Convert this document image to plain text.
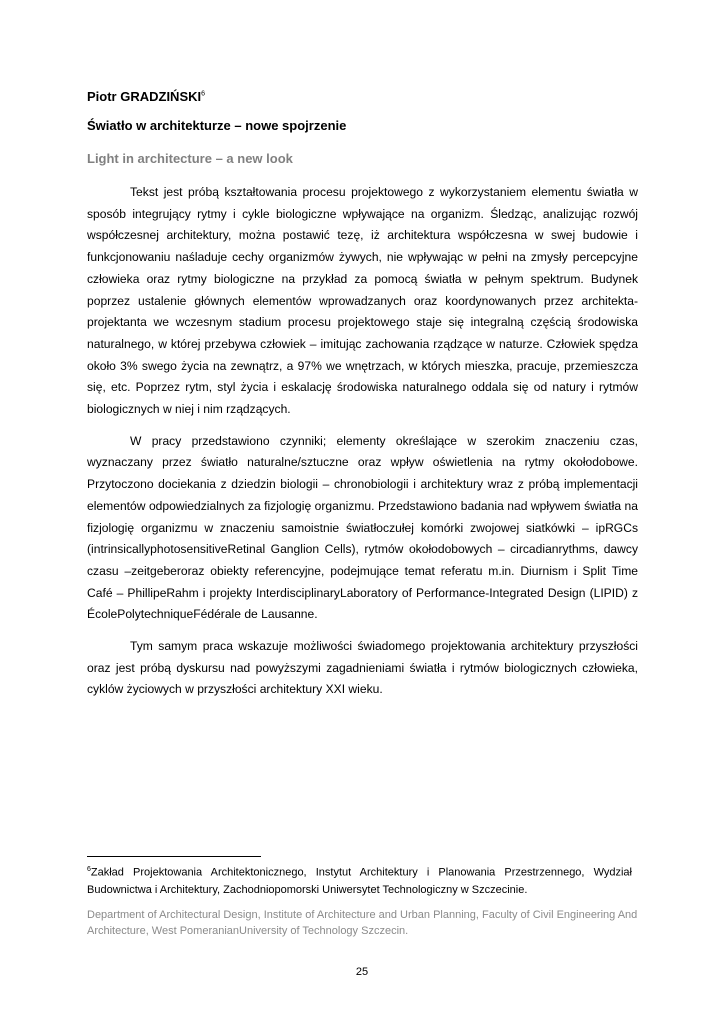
Piotr GRADZIŃSKI$^6$
Światło w architekturze – nowe spojrzenie
Light in architecture – a new look

Tekst jest próbą kształtowania procesu projektowego z wykorzystaniem elementu światła w sposób integrujący rytmy i cykle biologiczne wpływające na organizm. Śledząc, analizując rozwój współczesnej architektury, można postawić tezę, iż architektura współczesna w swej budowie i funkcjonowaniu naśladuje cechy organizmów żywych, nie wpływając w pełni na zmysły percepcyjne człowieka oraz rytmy biologiczne na przykład za pomocą światła w pełnym spektrum. Budynek poprzez ustalenie głównych elementów wprowadzanych oraz koordynowanych przez architekta-projektanta we wczesnym stadium procesu projektowego staje się integralną częścią środowiska naturalnego, w której przebywa człowiek – imitując zachowania rządzące w naturze. Człowiek spędza około 3% swego życia na zewnątrz, a 97% we wnętrzach, w których mieszka, pracuje, przemieszcza się, etc. Poprzez rytm, styl życia i eskalację środowiska naturalnego oddala się od natury i rytmów biologicznych w niej i nim rządzących.

W pracy przedstawiono czynniki; elementy określające w szerokim znaczeniu czas, wyznaczany przez światło naturalne/sztuczne oraz wpływ oświetlenia na rytmy okołodobowe. Przytoczono dociekania z dziedzin biologii – chronobiologii i architektury wraz z próbą implementacji elementów odpowiedzialnych za fizjologię organizmu. Przedstawiono badania nad wpływem światła na fizjologię organizmu w znaczeniu samoistnie światłoczułej komórki zwojowej siatkówki – ipRGCs (intrinsicallyphotosensitiveRetinal Ganglion Cells), rytmów okołodobowych – circadianrythms, dawcy czasu –zeitgeberoraz obiekty referencyjne, podejmujące temat referatu m.in. Diurnism i Split Time Café – PhillipeRahm i projekty InterdisciplinaryLaboratory of Performance-Integrated Design (LIPID) z ÉcolePolytechniqueFédérale de Lausanne.

Tym samym praca wskazuje możliwości świadomego projektowania architektury przyszłości oraz jest próbą dyskursu nad powyższymi zagadnieniami światła i rytmów biologicznych człowieka, cyklów życiowych w przyszłości architektury XXI wieku.

$^6$Zakład Projektowania Architektonicznego, Instytut Architektury i Planowania Przestrzennego, Wydział Budownictwa i Architektury, Zachodniopomorski Uniwersytet Technologiczny w Szczecinie.
Department of Architectural Design, Institute of Architecture and Urban Planning, Faculty of Civil Engineering And Architecture, West PomeranianUniversity of Technology Szczecin.
25
